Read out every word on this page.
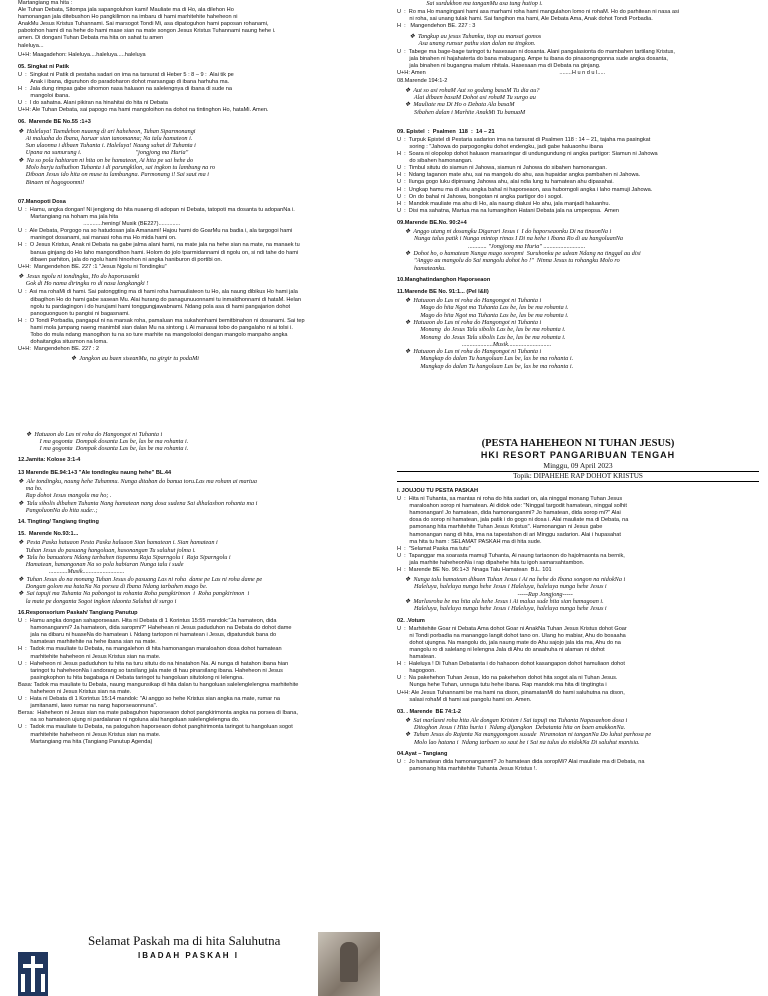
Martangiang ma hita :
Ale Tuhan Debata, Sitompa jala sapangoluhon kami! Mauliate ma di Ho, ala dilehon Ho
hamonangan jala ditebushon Ho pangkilimon na imbaru di hami marhitehite haheheon ni
AnakMu Jesus Kristus Tuhannami. Sai marsogot Tondi Mi, asa dipatoguhon hami paposan rohanami,
pabotohon hami di na hehe do hami mase sian na mate songon Jesus Kristus Tuhannami naung hehe i.
amen. Di dongani Tuhan Debata ma hita on sahat tu amen
haleluya...
U+H: Maagadehon: Haleluya....haleluya.....haleluya
05. Singkat ni Patik
U  :  Singkat ni Patik di pestaha sadari on ima na tarsurat di Heber 5 : 8 – 9 :  Alai tik pe
Anak i ibana, diguruhon do paradoharon dohot marsangap di ibana harhuha ma.
H  :  Jala dung rimpas gabe sihomon nasa haluaon na salelengnya di ibana di sude na
mangoloi ibana.
U  :  I do sahatna. Alani pikiran na hinahitai do hita ni Debata
U+H: Ale Tuhan Debata, sai papogo ma hami mangoloihon na dohot na tintinghon Ho, hataMi. Amen.
06.  Marende BE No.55 :1+3
❖  Haleluya! Taendehon nuaeng di ari haheheon, Tuhan Siparmonangi
Ai maluaha do Ibana, haruar sian tanomanna; Na talu hamateon i.
Sun ulaonna i dibaen Tuhanta i. Haleluya! Naung sahat di Tuhanta i
Upana na sumurung i.                                   "jongjong ma Huria"
❖  Na so pola habiaran ni hita on be hamateon, Ai hita pe sai hehe do
Molo burju taihuthon Tuhanta i di parungkilon, sai ingkon tu lambung na ro
Diboan Jesus ido hita on muse tu lambungna. Parmonang i! Sai saut ma i
Binaen ni hagogoonmi!
07.Manopoti Dosa
U  :  Hamu, angka dongan! Ni jengjong do hita nuaeng di adopan ni Debata, tatopoti ma dosanta tu adopanNa i.
Martangiang na hoham ma jala hita
............hening/ Musik (BE227)..............
U  :  Ale Debata, Porgogo na so hatudosan jala Amanami! Hajou hami do GoarMu na badia i, ala targogoi hami
maningot dosanami, sai manasi roha ma Ho mida hami on.
H  :  O Jesus Kristus, Anak ni Debata na gabe jalma alani hami, na mate jala na hehe sian na mate, na manaek tu
banua ginjang do Ho laho mangondihon hami. Holom do jolo tparmidannami di ngolu on, si ndi tahe do hami
dibaen parhiton, jala do ngolu hami hinorhon ni angka haniburon di portibi on.
U+H:  Mangendehon BE. 227 :1 "Jesus Ngolu ni Tondingku"
❖  Jesus ngolu ni tondingku, Ho do haporusanki
Gok di Ho nama diringku ro di nasa langkangki !
U  :  Asi ma rohaMi di hami. Sai patonggting ma di hami roha hamauliateon tu Ho, ala naung dibikus Ho hami jala
dibagihon Ho do hami gabe sasean Mu. Alai hurang do panagunuuonnami tu inmaldhonnami di hataM. Helan
ngolu tu pardagingon i do hurujami hami tonggungjawabnami. Ndang pola asa di hami pangajarion dohot
panoguonguon tu pangisi ni bagasnami.
H  :  O Tondi Porbadia, pangapul ni na marsak roha, pamaluan ma sukahonhami bemitbinahon ni dosanami. Sai tep
hami mola jumpang naeng manimbil sian dalan Mu na sintong i. Ai manasai tobo do pangalaho ni ai tolsi i.
Tobo do mula ndang manogihon tu na so ture marhite na mangolooloi dengan mangolo manpaho angka
dohaitangka situsmon na loma.
U+H:  Mangendehon BE. 227 : 2
❖  Jangkon au baen siseanMu, na girgir tu podaMi
❖  Hatuaon do Las ni roha do Hangongot ni Tuhanta i
I ma gogonta  Dompak dosanta Las be, las be ma rohanta i.
I ma gogonta  Dompak dosanta Las be, las be ma rohanta i.
12.Jamita: Kolose 3:1-4
13 Marende BE.94:1+3 "Ale tondingku naung hehe" BL.44
❖  Ale tondingku, naung hehe Tuhanmu. Nunga ditaban do banua toru.Las ma roham ai martua
ma ho.
Rap dohot Jesus mangolu ma ho; .
❖  Talu sibolis dibahen Tuhanta Nang hamatean nang dosa sudena Sai dihalashon rohanta ma i
PangoluonNa do hita sude:.;
14. Tingting/ Tangiang tingting
15.  Marende No.93:1...
❖  Pesta Paska hatuaon Pesta Paska haluaon Sian hamatean i. Sian hamatean i
Tuhan Jesus do pasuang hangoluan, hasonangan Tu saluhut jolma i.
❖  Talu ho banuatoru Ndang tarbahen tiopannu Raja Siparngolu i  Raja Siparngolu i
Hamatean, hanangonan Na so pola habiaran Nunga talu i sude
............Musik...........................
❖  Tuhan Jesus do na monang Tuhan Jesus do pasuang Las ni roha  dame pe Las ni roha dame pe
Dongan golom ma hataNa Na porsea di Ibana Ndang tarbahen mago be.
❖  Sai tapuji ma Tuhanta Na pabongot tu rohanta Roha pangkirimon  i  Roha pangkirimon  i
la mate pe donganta Sogot ingkon idaonta Saluhut di surgo i
16.Responsorium Paskah/ Tangiang Panutup
U  :  Hamu angka dongan sahaporseaan. Hita ni Debata di 1 Korintus 15:55 mandok:"Ja hamateon, dida
hamonanganmi? Ja hamateon, dida saropmi?" Hahehean ni Jesus paduduhon na Debata do dohot dame
jala na dibaru ni huaseNa do hamatean i. Ndang tartopon ni hamatean i Jesus, dipatunduk bana do
hamatean marhitehite na hehe ibana sian na mate.
H  :  Tadok ma mauliate tu Debata, na mangalehon di hita hamonangan maraloahon dosa dohot hamatean
marhitehite haheheon ni Jesus Kristus sian na mate.
U  :  Haheheon ni Jesus paduduhon tu hita na turu situtu do na hinatahon Na. Ai nunga di hatahon ibana hian
taringot tu haheheonNa i andorang so tarsilang jala mate di hau pinarsilang ibana. Haheheon ni Jesus
pasingkophon tu hita bagabaga ni Debata taringot tu hangoluan situtolong ni lelengna.
Basa: Tadok ma mauliate tu Debata, naung mangunsikap di hita dalan tu hangoluan salelenglelengna marhitehite
haheheon ni Jesus Kristus sian na mate.
U  :  Hata ni Debata di 1 Korintus 15:14 mandok: "Ai anggo so hehe Kristus sian angka na mate, rumar na
jamitanami, lawo rumar na nang haporseaonnuna".
Bersa:  Haheheon ni Jesus sian na mate pabaguhon haporseaon dohot pangkirimonta angka na porsea di Ibana,
na so hamateon ujung ni pardalanan ni ngoluna alai hangoluan salelenglelengna do.
U  :  Tadok ma mauliate tu Debata, na patoguhon haporseaon dohot panghirimonta taringot tu hangoluan sogot
marhitehite haheheon ni Jesus Kristus sian na mate.
Martangiang ma hita (Tangiang Panutup Agenda)
Selamat Paskah ma di hita Saluhutna
IBADAH PASKAH I
Sai surdukhon ma tanganMu asa tung hutiop i.
U  :  Ro ma Ho mangingani hami asa marhami roha hami mangulahon lomo ni rohaM. Ho do parhitean ni nasa asi
ni roha, sai unang tulak hami. Sai fangihon ma hami, Ale Debata Ama, Anak dohot Tondi Porbadia.
H  :   Mangendehon BE. 227 : 3
❖  Tangkup au jesus Tuhanku, tiop au mansai gomos
Asa unang runsur pathu sian dalan na tingkon.
U  :  Tabege ma bage-bage taringot tu hasesaan ni dosanta. Alani pangalasionta do mambahen tartilang Kristus,
jala binahen ni hajahaterta do bana mabugang. Ampe tu ibana do pinasongngonna sude angka dosanta,
jala binahen ni bugangna malum rihitala. Hasesaan ma di Debata na ginjang.
U+H: Amen                                                                                      ........H u n d u l.....
08.Marende 194:1-2
❖  Aut so asi rohaM Aut so godang basaM Tu dia au?
Alai dibaen basaM Dohot asi rohaM Tu surgo au
❖  Mauliate ma Di Ho o Debata Ala basaM
Sibahen dalan i Marhite AnakMi Tu banuaM
09. Epistel  :  Psalmen  118  :  14 – 21
U  :  Turpuk Epistel di Pestaria sadarion ima na tarsurat di Psalmen 118 : 14 – 21, tajaha ma pasingkat
soring : "Jahowa do parpogongku dohot endengku, jadi gabe haluaonhu ibana
H  :  Soara ni olopolop dohot haluaon marsaringar di undungundung ni angka partigor: Siamun ni Jahowa
do sibahen hamonangan.
U  :  Timbul situtu do siamun ni Jahowa, siamun ni Jahowa do sibahen hamonangan.
H  :  Ndang taganon mate ahu, sai na mangolu do ahu, asa hupaidar angka pambahen ni Jahowa.
U  :  Ilunga gogo luku dipinsang Jahowa ahu, alai ndia lung tu hamatean ahu dipasahai.
H  :  Ungkap hamu ma di ahu angka bahal ni haporseaon, asa huborngoli angka i laho mamuji Jahowa.
U  :  On do bahal ni Jahowa, bongotan ni angka partigor do i sogol.
H  :  Mandok mauliate ma ahu di Ho, ala naung dialusi Ho ahu, jala manjadi haluanhu.
U  :  Disi ma sahatna, Martua ma na lumangihon Hatani Debata jala na umpeopsa.  Amen
09.Marende BE.No. 90:2+4
❖  Anggo utang ni dosangku Digarari Jesus i  I do haporseaonku Di na tinaonNa i
Nunga talus patik i Nunga mintop rimas I Di na hehe i Ibana Ro di au hangoluanNa
............ "Jongjong ma Huria" ...........................
❖  Dohot ho, o hamatean Nunga mago soropmi  Suruhonku pe udean Ndang na tinggal au disi
"Anggo au mangolu do Sai mangolu dohot ho !"  Ninna Jesus tu rohangku Molo ro
hamateanku.
10.Manghatindanghon Haporseaon
11.Marende BE No. 91:1... (Pel I&II)
❖  Hatuaon do Las ni roha do Hangongot ni Tuhanta i
Mago do hita Ngot ma Tuhanta Las be, las be ma rohanta i.
Mago do hita Ngot ma Tuhanta Las be, las be ma rohanta i.
❖  Hatuaon do Las ni roha do Hangongot ni Tuhanta i
Monang  do Jesus Talu sibolis Las be, las be ma rohanta i.
Monang  do Jesus Talu sibolis Las be, las be ma rohanta i.
....................Musik............................
❖  Hatuaon do Las ni roha do Hangongot ni Tuhanta i
Mungkap do dalan Tu hangoluan Las be, las be ma rohanta i.
Mungkap do dalan Tu hangoluan Las be, las be ma rohanta i.
(PESTA HAHEHEON NI TUHAN JESUS)
HKI RESORT PANGARIBUAN TENGAH
Minggu, 09 April 2023
Topik: DIPAHEHE RAP DOHOT KRISTUS
I. JOUJOU TU PESTA PASKAH
U  :  Hita ni Tuhanta, sa mantas ni roha do hita sadari on, ala ninggal monang Tuhan Jesus
maraloahon sorop ni hamatean. Ai didok ode: "Ninggal targodit hamatean, ninggal solhit
hamonangan! Jo hamatean, dida hamonanganmi? Jo hamatean, dida sorop mi?" Alai
dosa do sorop ni hamatean, jala patik i do gogo ni dosa i. Alai mauliate ma di Debata, na
pamonang hita marhitehite Tuhan Jesus Kristus". Hamonangan ni Jesus gabe
hamonangan nang di hita, ima na tapestahon di ari Minggu sadarion. Alai i hupasahat
ma hita tu ham : SELAMAT PASKAH ma di hita sude.
H  :  "Selamat Paska ma tutu"
U  :  Tapanggar ma soarasta mamuji Tuhanta, Ai naung tartaonon do hajolmaonta na bernik,
jala marhite haheheonNa i rap dipahehe hita tu igoh samarsahtambon.
H  :  Marende BE No. 96:1+3  Nnaga Talu Hamatean  B.L. 101
❖  Nunga talu hamatean dibaen Tuhan Jesus i Ai na hehe do Ibana songon na nidokNa i
Haleluya, haleluya nunga hehe Jesus i Haleluya, haleluya nunga hehe Jesus i
-----Rap Jongjong-----
❖  Marlasroha be ma hita ala hehe Jesus i Ai malua sude hita sian hamagoan i.
Haleluya, haleluya nunga hehe Jesus i Haleluya, haleluya nunga hehe Jesus i
02. .Votum
U  :  Marhitehite Goar ni Debata Ama dohot Goar ni AnakNa Tuhan Jesus Kristus dohot Goar
ni Tondi porbadia na mananggo langit dohot tano on. Ulang ho mabiar, Ahu do bosaaha
dohot ujungna. Na mangolu do, jala naung mate do Ahu sajojo jala ida ma, Ahu do na
mangolu ro di salelang ni lelengna Jala di Ahu do anaahuha ni alaman ni dohot
hamatean.
H  :  Haleluya ! Di Tuhan Debatanta i do hahaoon dohot kasangapon dohot hamuliaon dohot
hagogoon.
U  :  Na pakehehon Tuhan Jesus, Ido na pakehehon dohot hita sogot ala ni Tuhan Jesus.
Nunga hehe Tuhan, unnuga tutu hehe ibana. Rap mandok ma hita di tingtingta i
U+H: Ale Jesus Tuhannami be ma hami na dison, pinamatanMi do hami saluhutna na dison,
salasi rohaM di hami sai pangolu hami on. Amen.
03. . Marende  BE 74:1-2
❖  Sai marlasni roha hita Ale dongan Kristen i Sai tapuji ma Tuhanta Napasaehon dosa i
Ditoghon Jesus i Hita huria i  Ndang dijangkon  Debatanta hita on baen anakkonNa.
❖  Tuhan Jesus do Rajanta Na manggomgom susude  Niramotan ni tanganNa Do luhut parhosa pe
Molo lao hatana i  Ndang tarbaen so saut be i Sai na tulus do nidokNa Di saluhut manisia.
04.Ayat – Tangiang
U  :  Jo hamatean dida hamonanganmi? Jo hamatean dida soropMi? Alai mauliate ma di Debata, na
pamonang hita marhitehite Tuhanta Jesus Kristus !.
